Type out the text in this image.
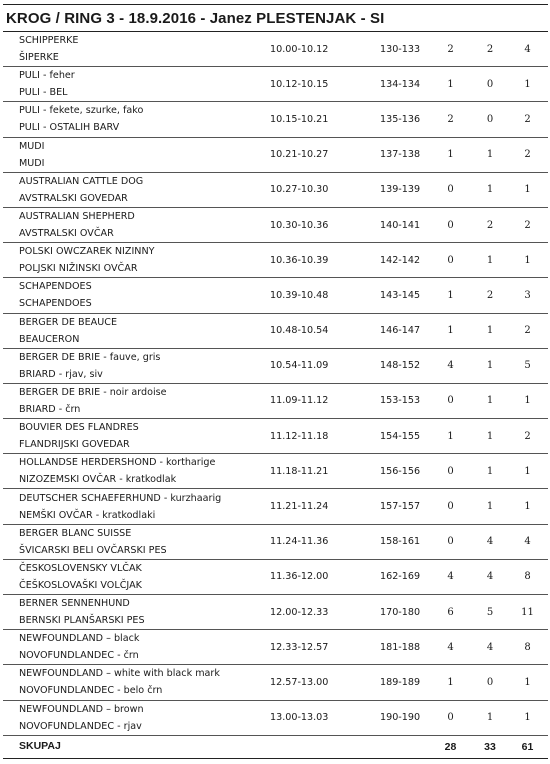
KROG / RING 3 - 18.9.2016 - Janez PLESTENJAK - SI
SCHIPPERKE
ŠIPERKE	10.00-10.12	130-133	2	2	4

PULI - feher
PULI - BEL	10.12-10.15	134-134	1	0	1

PULI - fekete, szurke, fako
PULI - OSTALIH BARV	10.15-10.21	135-136	2	0	2

MUDI
MUDI	10.21-10.27	137-138	1	1	2

AUSTRALIAN CATTLE DOG
AVSTRALSKI GOVEDAR	10.27-10.30	139-139	0	1	1

AUSTRALIAN SHEPHERD
AVSTRALSKI OVČAR	10.30-10.36	140-141	0	2	2

POLSKI OWCZAREK NIZINNY
POLJSKI NIŽINSKI OVČAR	10.36-10.39	142-142	0	1	1

SCHAPENDOES
SCHAPENDOES	10.39-10.48	143-145	1	2	3

BERGER DE BEAUCE
BEAUCERON	10.48-10.54	146-147	1	1	2

BERGER DE BRIE - fauve, gris
BRIARD - rjav, siv	10.54-11.09	148-152	4	1	5

BERGER DE BRIE - noir ardoise
BRIARD - črn	11.09-11.12	153-153	0	1	1

BOUVIER DES FLANDRES
FLANDRIJSKI GOVEDAR	11.12-11.18	154-155	1	1	2

HOLLANDSE HERDERSHOND - kortharige
NIZOZEMSKI OVČAR - kratkodlak	11.18-11.21	156-156	0	1	1

DEUTSCHER SCHAEFERHUND - kurzhaarig
NEMŠKI OVČAR - kratkodlaki	11.21-11.24	157-157	0	1	1

BERGER BLANC SUISSE
ŠVICARSKI BELI OVČARSKI PES	11.24-11.36	158-161	0	4	4

ČESKOSLOVENSKY VLČAK
ČEŠKOSLOVAŠKI VOLČJAK	11.36-12.00	162-169	4	4	8

BERNER SENNENHUND
BERNSKI PLANŠARSKI PES	12.00-12.33	170-180	6	5	11

NEWFOUNDLAND – black
NOVOFUNDLANDEC - črn	12.33-12.57	181-188	4	4	8

NEWFOUNDLAND – white with black mark
NOVOFUNDLANDEC - belo črn	12.57-13.00	189-189	1	0	1

NEWFOUNDLAND – brown
NOVOFUNDLANDEC - rjav	13.00-13.03	190-190	0	1	1
SKUPAJ			28	33	61
